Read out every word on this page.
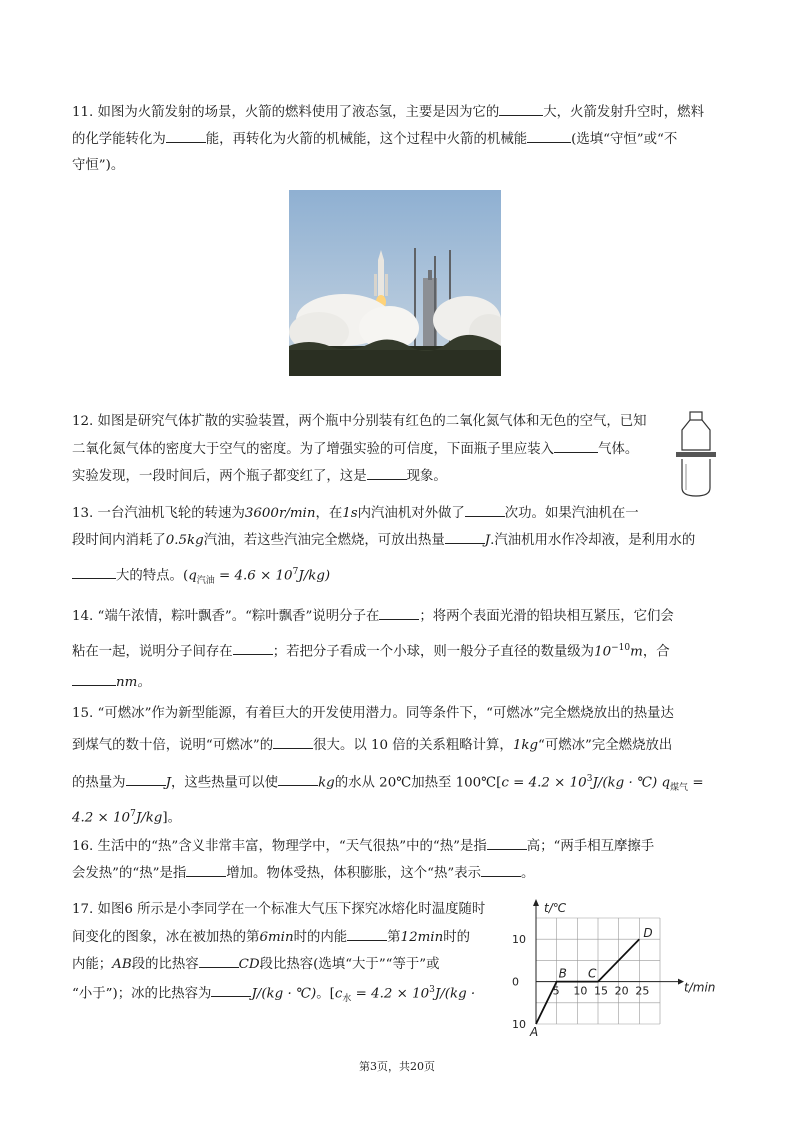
11. 如图为火箭发射的场景，火箭的燃料使用了液态氢，主要是因为它的	大，火箭发射升空时，燃料
的化学能转化为	能，再转化为火箭的机械能，这个过程中火箭的机械能	(选填“守恒”或“不
守恒”)。
12. 如图是研究气体扩散的实验装置，两个瓶中分别装有红色的二氧化氮气体和无色的空气，已知
二氧化氮气体的密度大于空气的密度。为了增强实验的可信度，下面瓶子里应装入	气体。
实验发现，一段时间后，两个瓶子都变红了，这是	现象。
13. 一台汽油机飞轮的转速为3600r/min，在1s内汽油机对外做了	次功。如果汽油机在一
段时间内消耗了0.5kg汽油，若这些汽油完全燃烧，可放出热量	J.汽油机用水作冷却液，是利用水的
大的特点。$(q_{汽油} = 4.6 \times 10^7J/kg)$
14. “端午浓情，粽叶飘香”。“粽叶飘香”说明分子在	；将两个表面光滑的铅块相互紧压，它们会
粘在一起，说明分子间存在	；若把分子看成一个小球，则一般分子直径的数量级为$10^{-10}m$，合
nm。
15. “可燃冰”作为新型能源，有着巨大的开发使用潜力。同等条件下，“可燃冰”完全燃烧放出的热量达
到煤气的数十倍，说明“可燃冰”的	很大。以 10 倍的关系粗略计算，1kg“可燃冰”完全燃烧放出
的热量为	J，这些热量可以使	kg的水从 20℃加热至 100℃[c = $4.2 \times 10^3J/(kg$ · ℃) $q_{煤气}$ =
$4.2 \times 10^7J/kg$]。
16. 生活中的“热”含义非常丰富，物理学中，“天气很热”中的“热”是指	高；“两手相互摩擦手
会发热”的“热”是指	增加。物体受热，体积膨胀，这个“热”表示	。
17. 如图6 所示是小李同学在一个标准大气压下探究冰熔化时温度随时
间变化的图象，冰在被加热的第6min时的内能	第12min时的
内能；AB段的比热容	CD段比热容(选填“大于”“等于”或
“小于”)；冰的比热容为	J/(kg · ℃)。[$c_水 = 4.2 \times 10^3J/(kg$ ·
t/℃
t/min
10
0
10
5 10 15 20 25
A
B C
D
第3页，共20页
